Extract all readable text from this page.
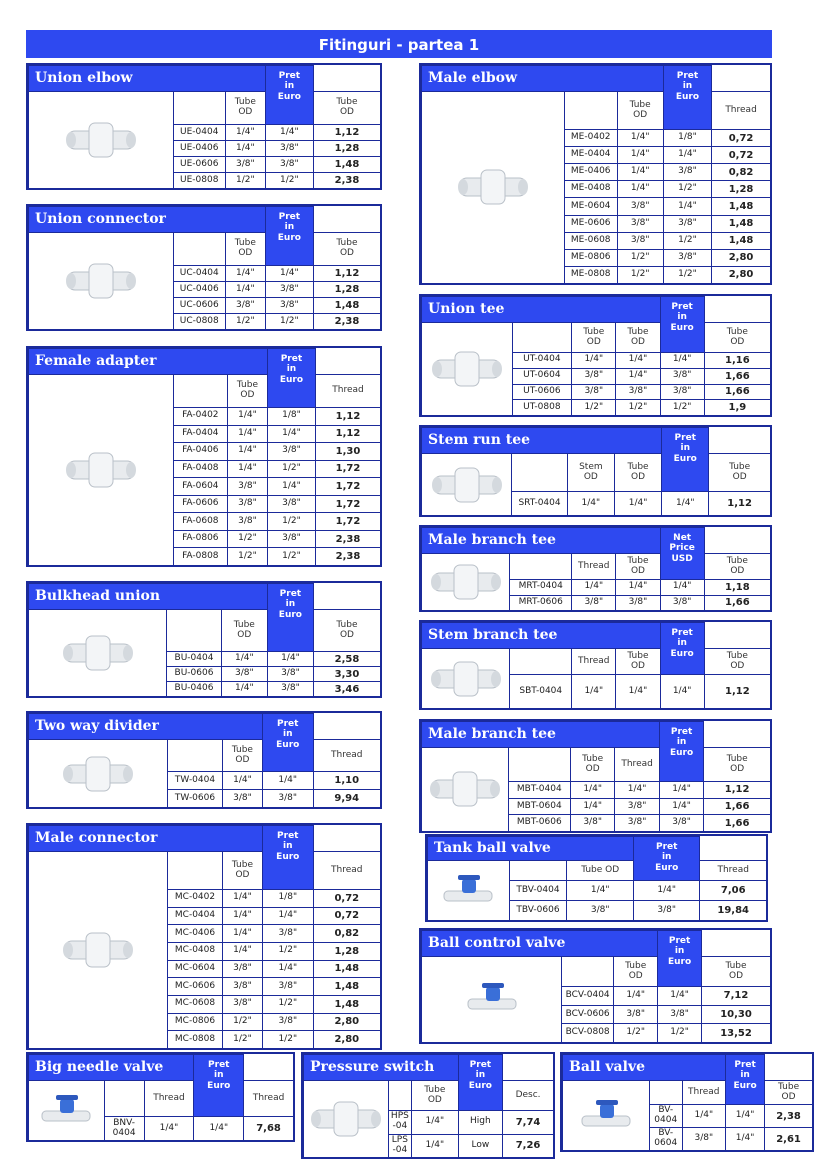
Fitinguri - partea 1
Union elbow			Pret
in
Euro	

		Tube
OD		Tube
OD
	UE-0404	1/4"	1/4"	1,12
	UE-0406	1/4"	3/8"	1,28
	UE-0606	3/8"	3/8"	1,48
	UE-0808	1/2"	1/2"	2,38
Union connector			Pret
in
Euro	

		Tube
OD		Tube
OD
	UC-0404	1/4"	1/4"	1,12
	UC-0406	1/4"	3/8"	1,28
	UC-0606	3/8"	3/8"	1,48
	UC-0808	1/2"	1/2"	2,38
Female adapter			Pret
in
Euro	

		Tube
OD		Thread
	FA-0402	1/4"	1/8"	1,12
	FA-0404	1/4"	1/4"	1,12
	FA-0406	1/4"	3/8"	1,30
	FA-0408	1/4"	1/2"	1,72
	FA-0604	3/8"	1/4"	1,72
	FA-0606	3/8"	3/8"	1,72
	FA-0608	3/8"	1/2"	1,72
	FA-0806	1/2"	3/8"	2,38
	FA-0808	1/2"	1/2"	2,38
Bulkhead union			Pret
in
Euro	

		Tube
OD		Tube
OD
	BU-0404	1/4"	1/4"	2,58
	BU-0606	3/8"	3/8"	3,30
	BU-0406	1/4"	3/8"	3,46
Two way divider			Pret
in
Euro	

		Tube
OD		Thread
	TW-0404	1/4"	1/4"	1,10
	TW-0606	3/8"	3/8"	9,94
Male connector			Pret
in
Euro	

		Tube
OD		Thread
	MC-0402	1/4"	1/8"	0,72
	MC-0404	1/4"	1/4"	0,72
	MC-0406	1/4"	3/8"	0,82
	MC-0408	1/4"	1/2"	1,28
	MC-0604	3/8"	1/4"	1,48
	MC-0606	3/8"	3/8"	1,48
	MC-0608	3/8"	1/2"	1,48
	MC-0806	1/2"	3/8"	2,80
	MC-0808	1/2"	1/2"	2,80
Male elbow			Pret
in
Euro	

		Tube
OD		Thread
	ME-0402	1/4"	1/8"	0,72
	ME-0404	1/4"	1/4"	0,72
	ME-0406	1/4"	3/8"	0,82
	ME-0408	1/4"	1/2"	1,28
	ME-0604	3/8"	1/4"	1,48
	ME-0606	3/8"	3/8"	1,48
	ME-0608	3/8"	1/2"	1,48
	ME-0806	1/2"	3/8"	2,80
	ME-0808	1/2"	1/2"	2,80
Union tee				Pret
in
Euro	

		Tube
OD	Tube
OD		Tube
OD
	UT-0404	1/4"	1/4"	1/4"	1,16
	UT-0604	3/8"	1/4"	3/8"	1,66
	UT-0606	3/8"	3/8"	3/8"	1,66
	UT-0808	1/2"	1/2"	1/2"	1,9
Stem run tee				Pret
in
Euro	

		Stem
OD	Tube
OD		Tube
OD
	SRT-0404	1/4"	1/4"	1/4"	1,12
Male branch tee				Net
Price
USD	

		Thread	Tube
OD		Tube
OD
	MRT-0404	1/4"	1/4"	1/4"	1,18
	MRT-0606	3/8"	3/8"	3/8"	1,66
Stem branch tee				Pret
in
Euro	

		Thread	Tube
OD		Tube
OD
	SBT-0404	1/4"	1/4"	1/4"	1,12
Male branch tee				Pret
in
Euro	

		Tube
OD	Thread		Tube
OD
	MBT-0404	1/4"	1/4"	1/4"	1,12
	MBT-0604	1/4"	3/8"	1/4"	1,66
	MBT-0606	3/8"	3/8"	3/8"	1,66
Tank ball valve			Pret
in
Euro	

		Tube OD		Thread
	TBV-0404	1/4"	1/4"	7,06
	TBV-0606	3/8"	3/8"	19,84
Ball control valve			Pret
in
Euro	

		Tube
OD		Tube
OD
	BCV-0404	1/4"	1/4"	7,12
	BCV-0606	3/8"	3/8"	10,30
	BCV-0808	1/2"	1/2"	13,52
Big needle valve			Pret
in
Euro	

		Thread		Thread
	BNV-
0404	1/4"	1/4"	7,68
Pressure switch			Pret
in
Euro	

		Tube
OD		Desc.
	HPS
-04	1/4"	High	7,74
	LPS
-04	1/4"	Low	7,26
Ball valve			Pret
in
Euro	

		Thread		Tube
OD
	BV-
0404	1/4"	1/4"	2,38
	BV-
0604	3/8"	1/4"	2,61
